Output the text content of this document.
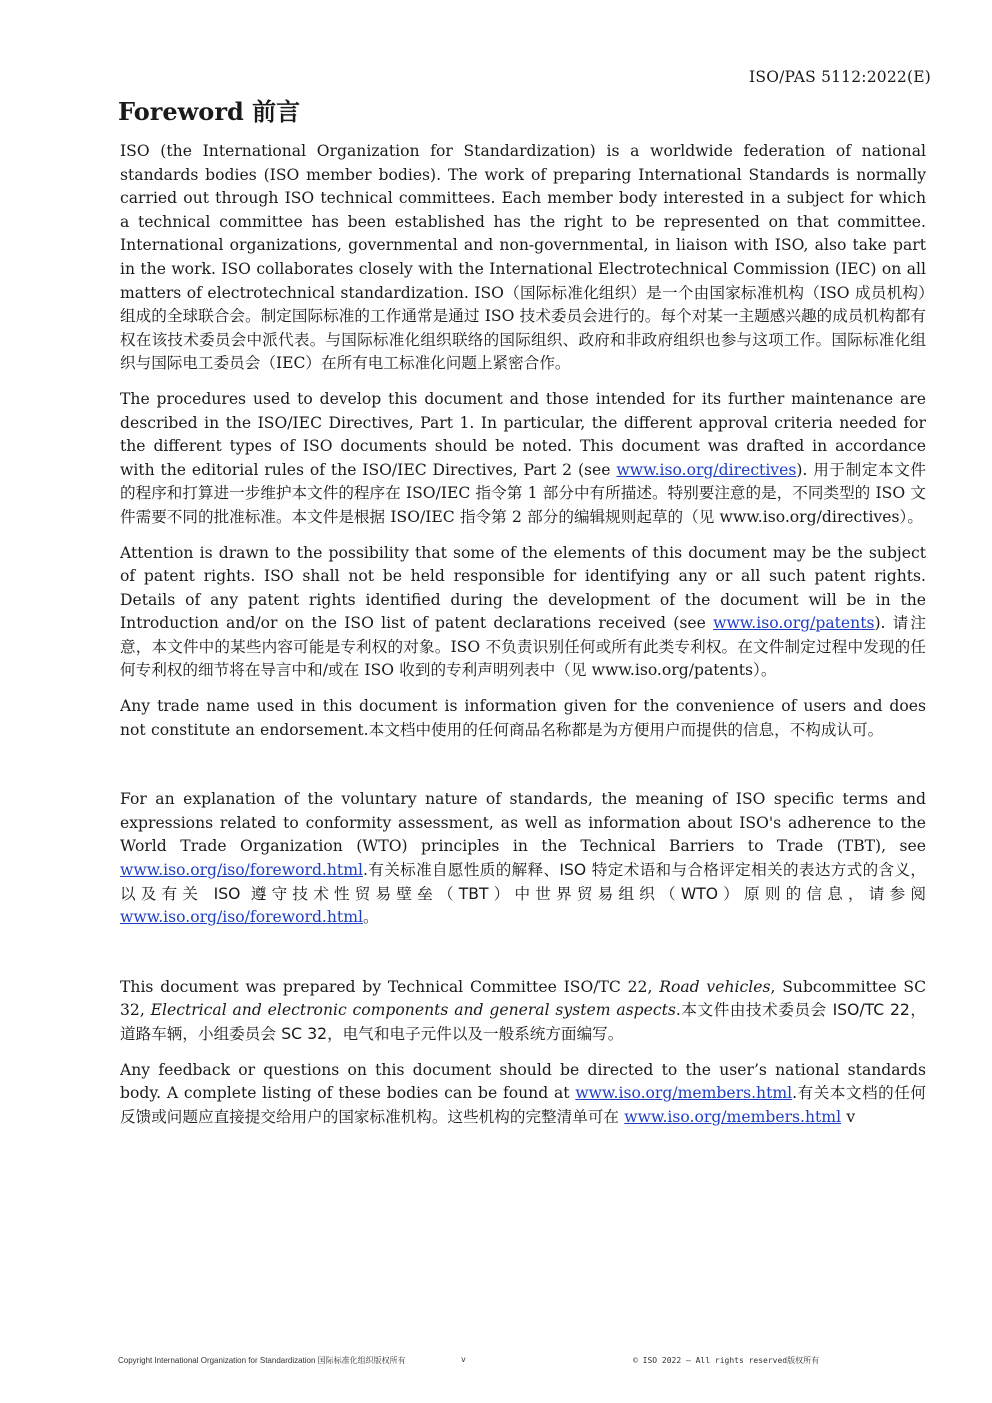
ISO/PAS 5112:2022(E)
Foreword 前言

ISO (the International Organization for Standardization) is a worldwide federation of national standards bodies (ISO member bodies). The work of preparing International Standards is normally carried out through ISO technical committees. Each member body interested in a subject for which a technical committee has been established has the right to be represented on that committee. International organizations, governmental and non-governmental, in liaison with ISO, also take part in the work. ISO collaborates closely with the International Electrotechnical Commission (IEC) on all matters of electrotechnical standardization. ISO（国际标准化组织）是一个由国家标准机构（ISO 成员机构）组成的全球联合会。制定国际标准的工作通常是通过 ISO 技术委员会进行的。每个对某一主题感兴趣的成员机构都有权在该技术委员会中派代表。与国际标准化组织联络的国际组织、政府和非政府组织也参与这项工作。国际标准化组织与国际电工委员会（IEC）在所有电工标准化问题上紧密合作。

The procedures used to develop this document and those intended for its further maintenance are described in the ISO/IEC Directives, Part 1. In particular, the different approval criteria needed for the different types of ISO documents should be noted. This document was drafted in accordance with the editorial rules of the ISO/IEC Directives, Part 2 (see www.iso.org/directives). 用于制定本文件的程序和打算进一步维护本文件的程序在 ISO/IEC 指令第 1 部分中有所描述。特别要注意的是，不同类型的 ISO 文件需要不同的批准标准。本文件是根据 ISO/IEC 指令第 2 部分的编辑规则起草的（见 www.iso.org/directives）。

Attention is drawn to the possibility that some of the elements of this document may be the subject of patent rights. ISO shall not be held responsible for identifying any or all such patent rights. Details of any patent rights identified during the development of the document will be in the Introduction and/or on the ISO list of patent declarations received (see www.iso.org/patents). 请注意，本文件中的某些内容可能是专利权的对象。ISO 不负责识别任何或所有此类专利权。在文件制定过程中发现的任何专利权的细节将在导言中和/或在 ISO 收到的专利声明列表中（见 www.iso.org/patents）。

Any trade name used in this document is information given for the convenience of users and does not constitute an endorsement.本文档中使用的任何商品名称都是为方便用户而提供的信息，不构成认可。

For an explanation of the voluntary nature of standards, the meaning of ISO specific terms and expressions related to conformity assessment, as well as information about ISO's adherence to the World Trade Organization (WTO) principles in the Technical Barriers to Trade (TBT), see www.iso.org/iso/foreword.html.有关标准自愿性质的解释、ISO 特定术语和与合格评定相关的表达方式的含义，以及有关 ISO 遵守技术性贸易壁垒（TBT）中世界贸易组织（WTO）原则的信息，请参阅 www.iso.org/iso/foreword.html。

This document was prepared by Technical Committee ISO/TC 22, Road vehicles, Subcommittee SC 32, Electrical and electronic components and general system aspects.本文件由技术委员会 ISO/TC 22，道路车辆，小组委员会 SC 32，电气和电子元件以及一般系统方面编写。

Any feedback or questions on this document should be directed to the user’s national standards body. A complete listing of these bodies can be found at www.iso.org/members.html.有关本文档的任何反馈或问题应直接提交给用户的国家标准机构。这些机构的完整清单可在 www.iso.org/members.html v

Copyright International Organization for Standardization 国际标准化组织版权所有	v	© ISO 2022 – All rights reserved版权所有
